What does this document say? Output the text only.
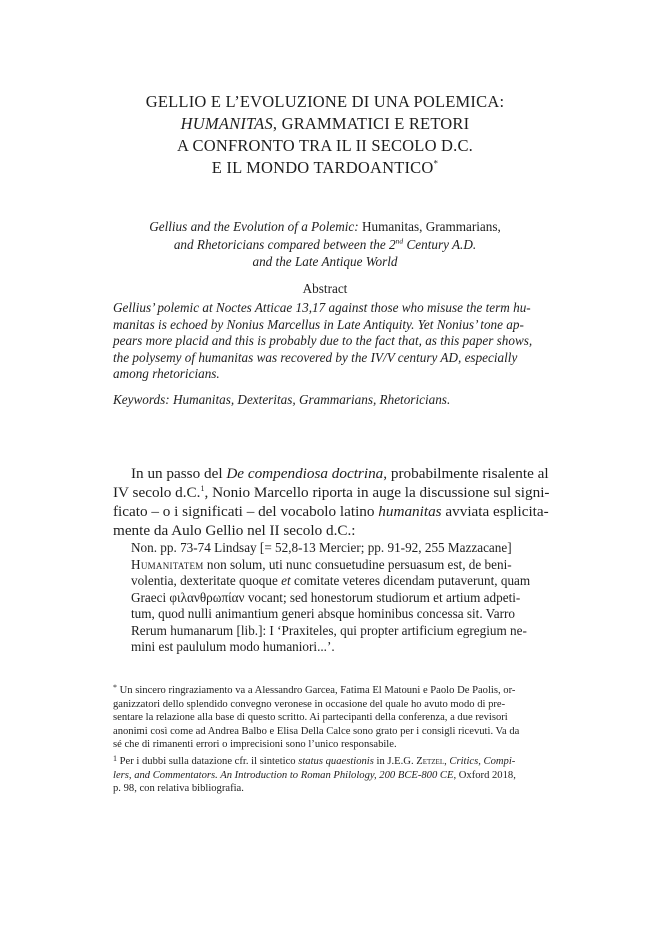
GELLIO E L’EVOLUZIONE DI UNA POLEMICA:
HUMANITAS, GRAMMATICI E RETORI
A CONFRONTO TRA IL II SECOLO D.C.
E IL MONDO TARDOANTICO*
Gellius and the Evolution of a Polemic: Humanitas, Grammarians,
and Rhetoricians compared between the 2nd Century A.D.
and the Late Antique World
Abstract
Gellius’ polemic at Noctes Atticae 13,17 against those who misuse the term hu-
manitas is echoed by Nonius Marcellus in Late Antiquity. Yet Nonius’ tone ap-
pears more placid and this is probably due to the fact that, as this paper shows,
the polysemy of humanitas was recovered by the IV/V century AD, especially
among rhetoricians.
Keywords: Humanitas, Dexteritas, Grammarians, Rhetoricians.
In un passo del De compendiosa doctrina, probabilmente risalente al
IV secolo d.C.$^1$, Nonio Marcello riporta in auge la discussione sul signi-
ficato – o i significati – del vocabolo latino humanitas avviata esplicita-
mente da Aulo Gellio nel II secolo d.C.:
Non. pp. 73-74 Lindsay [= 52,8-13 Mercier; pp. 91-92, 255 Mazzacane]
Humanitatem non solum, uti nunc consuetudine persuasum est, de beni-
volentia, dexteritate quoque et comitate veteres dicendam putaverunt, quam
Graeci φιλανθρωπίαν vocant; sed honestorum studiorum et artium adpeti-
tum, quod nulli animantium generi absque hominibus concessa sit. Varro
Rerum humanarum [lib.]: I ‘Praxiteles, qui propter artificium egregium ne-
mini est paululum modo humaniori...’.
* Un sincero ringraziamento va a Alessandro Garcea, Fatima El Matouni e Paolo De Paolis, or-
ganizzatori dello splendido convegno veronese in occasione del quale ho avuto modo di pre-
sentare la relazione alla base di questo scritto. Ai partecipanti della conferenza, a due revisori
anonimi così come ad Andrea Balbo e Elisa Della Calce sono grato per i consigli ricevuti. Va da
sé che di rimanenti errori o imprecisioni sono l’unico responsabile.
$^1$ Per i dubbi sulla datazione cfr. il sintetico status quaestionis in J.E.G. Zetzel, Critics, Compi-
lers, and Commentators. An Introduction to Roman Philology, 200 BCE-800 CE, Oxford 2018,
p. 98, con relativa bibliografia.
